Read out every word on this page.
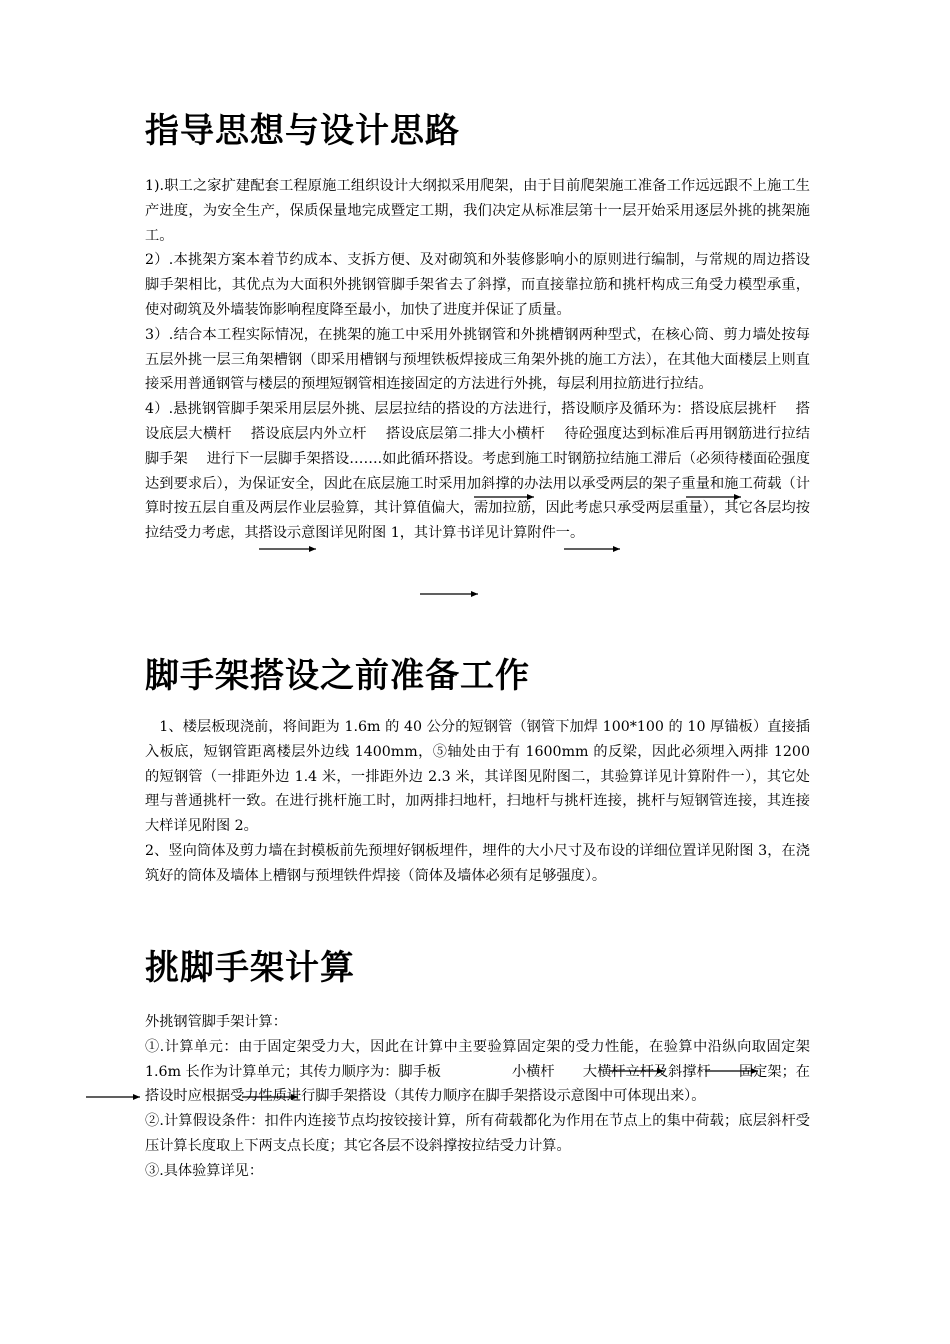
指导思想与设计思路

1).职工之家扩建配套工程原施工组织设计大纲拟采用爬架，由于目前爬架施工准备工作远远跟不上施工生产进度，为安全生产，保质保量地完成暨定工期，我们决定从标准层第十一层开始采用逐层外挑的挑架施工。

2）.本挑架方案本着节约成本、支拆方便、及对砌筑和外装修影响小的原则进行编制，与常规的周边搭设脚手架相比，其优点为大面积外挑钢管脚手架省去了斜撑，而直接靠拉筋和挑杆构成三角受力模型承重，使对砌筑及外墙装饰影响程度降至最小，加快了进度并保证了质量。

3）.结合本工程实际情况，在挑架的施工中采用外挑钢管和外挑槽钢两种型式，在核心筒、剪力墙处按每五层外挑一层三角架槽钢（即采用槽钢与预埋铁板焊接成三角架外挑的施工方法），在其他大面楼层上则直接采用普通钢管与楼层的预埋短钢管相连接固定的方法进行外挑，每层利用拉筋进行拉结。

4）.悬挑钢管脚手架采用层层外挑、层层拉结的搭设的方法进行，搭设顺序及循环为：搭设底层挑杆　 搭设底层大横杆　 搭设底层内外立杆　 搭设底层第二排大小横杆　 待砼强度达到标准后再用钢筋进行拉结脚手架　 进行下一层脚手架搭设…….如此循环搭设。考虑到施工时钢筋拉结施工滞后（必须待楼面砼强度达到要求后），为保证安全，因此在底层施工时采用加斜撑的办法用以承受两层的架子重量和施工荷载（计算时按五层自重及两层作业层验算，其计算值偏大，需加拉筋，因此考虑只承受两层重量），其它各层均按拉结受力考虑，其搭设示意图详见附图 1，其计算书详见计算附件一。

脚手架搭设之前准备工作

　1、楼层板现浇前，将间距为 1.6m 的 40 公分的短钢管（钢管下加焊 100*100 的 10 厚锚板）直接插入板底，短钢管距离楼层外边线 1400mm，⑤轴处由于有 1600mm 的反梁，因此必须埋入两排 1200 的短钢管（一排距外边 1.4 米，一排距外边 2.3 米，其详图见附图二，其验算详见计算附件一），其它处理与普通挑杆一致。在进行挑杆施工时，加两排扫地杆，扫地杆与挑杆连接，挑杆与短钢管连接，其连接大样详见附图 2。

2、竖向筒体及剪力墙在封模板前先预埋好钢板埋件，埋件的大小尺寸及布设的详细位置详见附图 3，在浇筑好的筒体及墙体上槽钢与预埋铁件焊接（筒体及墙体必须有足够强度）。

挑脚手架计算

外挑钢管脚手架计算：

①.计算单元：由于固定架受力大，因此在计算中主要验算固定架的受力性能，在验算中沿纵向取固定架 1.6m 长作为计算单元；其传力顺序为：脚手板　　　　　小横杆　　大横杆立杆及斜撑杆　　固定架；在搭设时应根据受力性质进行脚手架搭设（其传力顺序在脚手架搭设示意图中可体现出来）。

②.计算假设条件：扣件内连接节点均按铰接计算，所有荷载都化为作用在节点上的集中荷载；底层斜杆受压计算长度取上下两支点长度；其它各层不设斜撑按拉结受力计算。

③.具体验算详见：
